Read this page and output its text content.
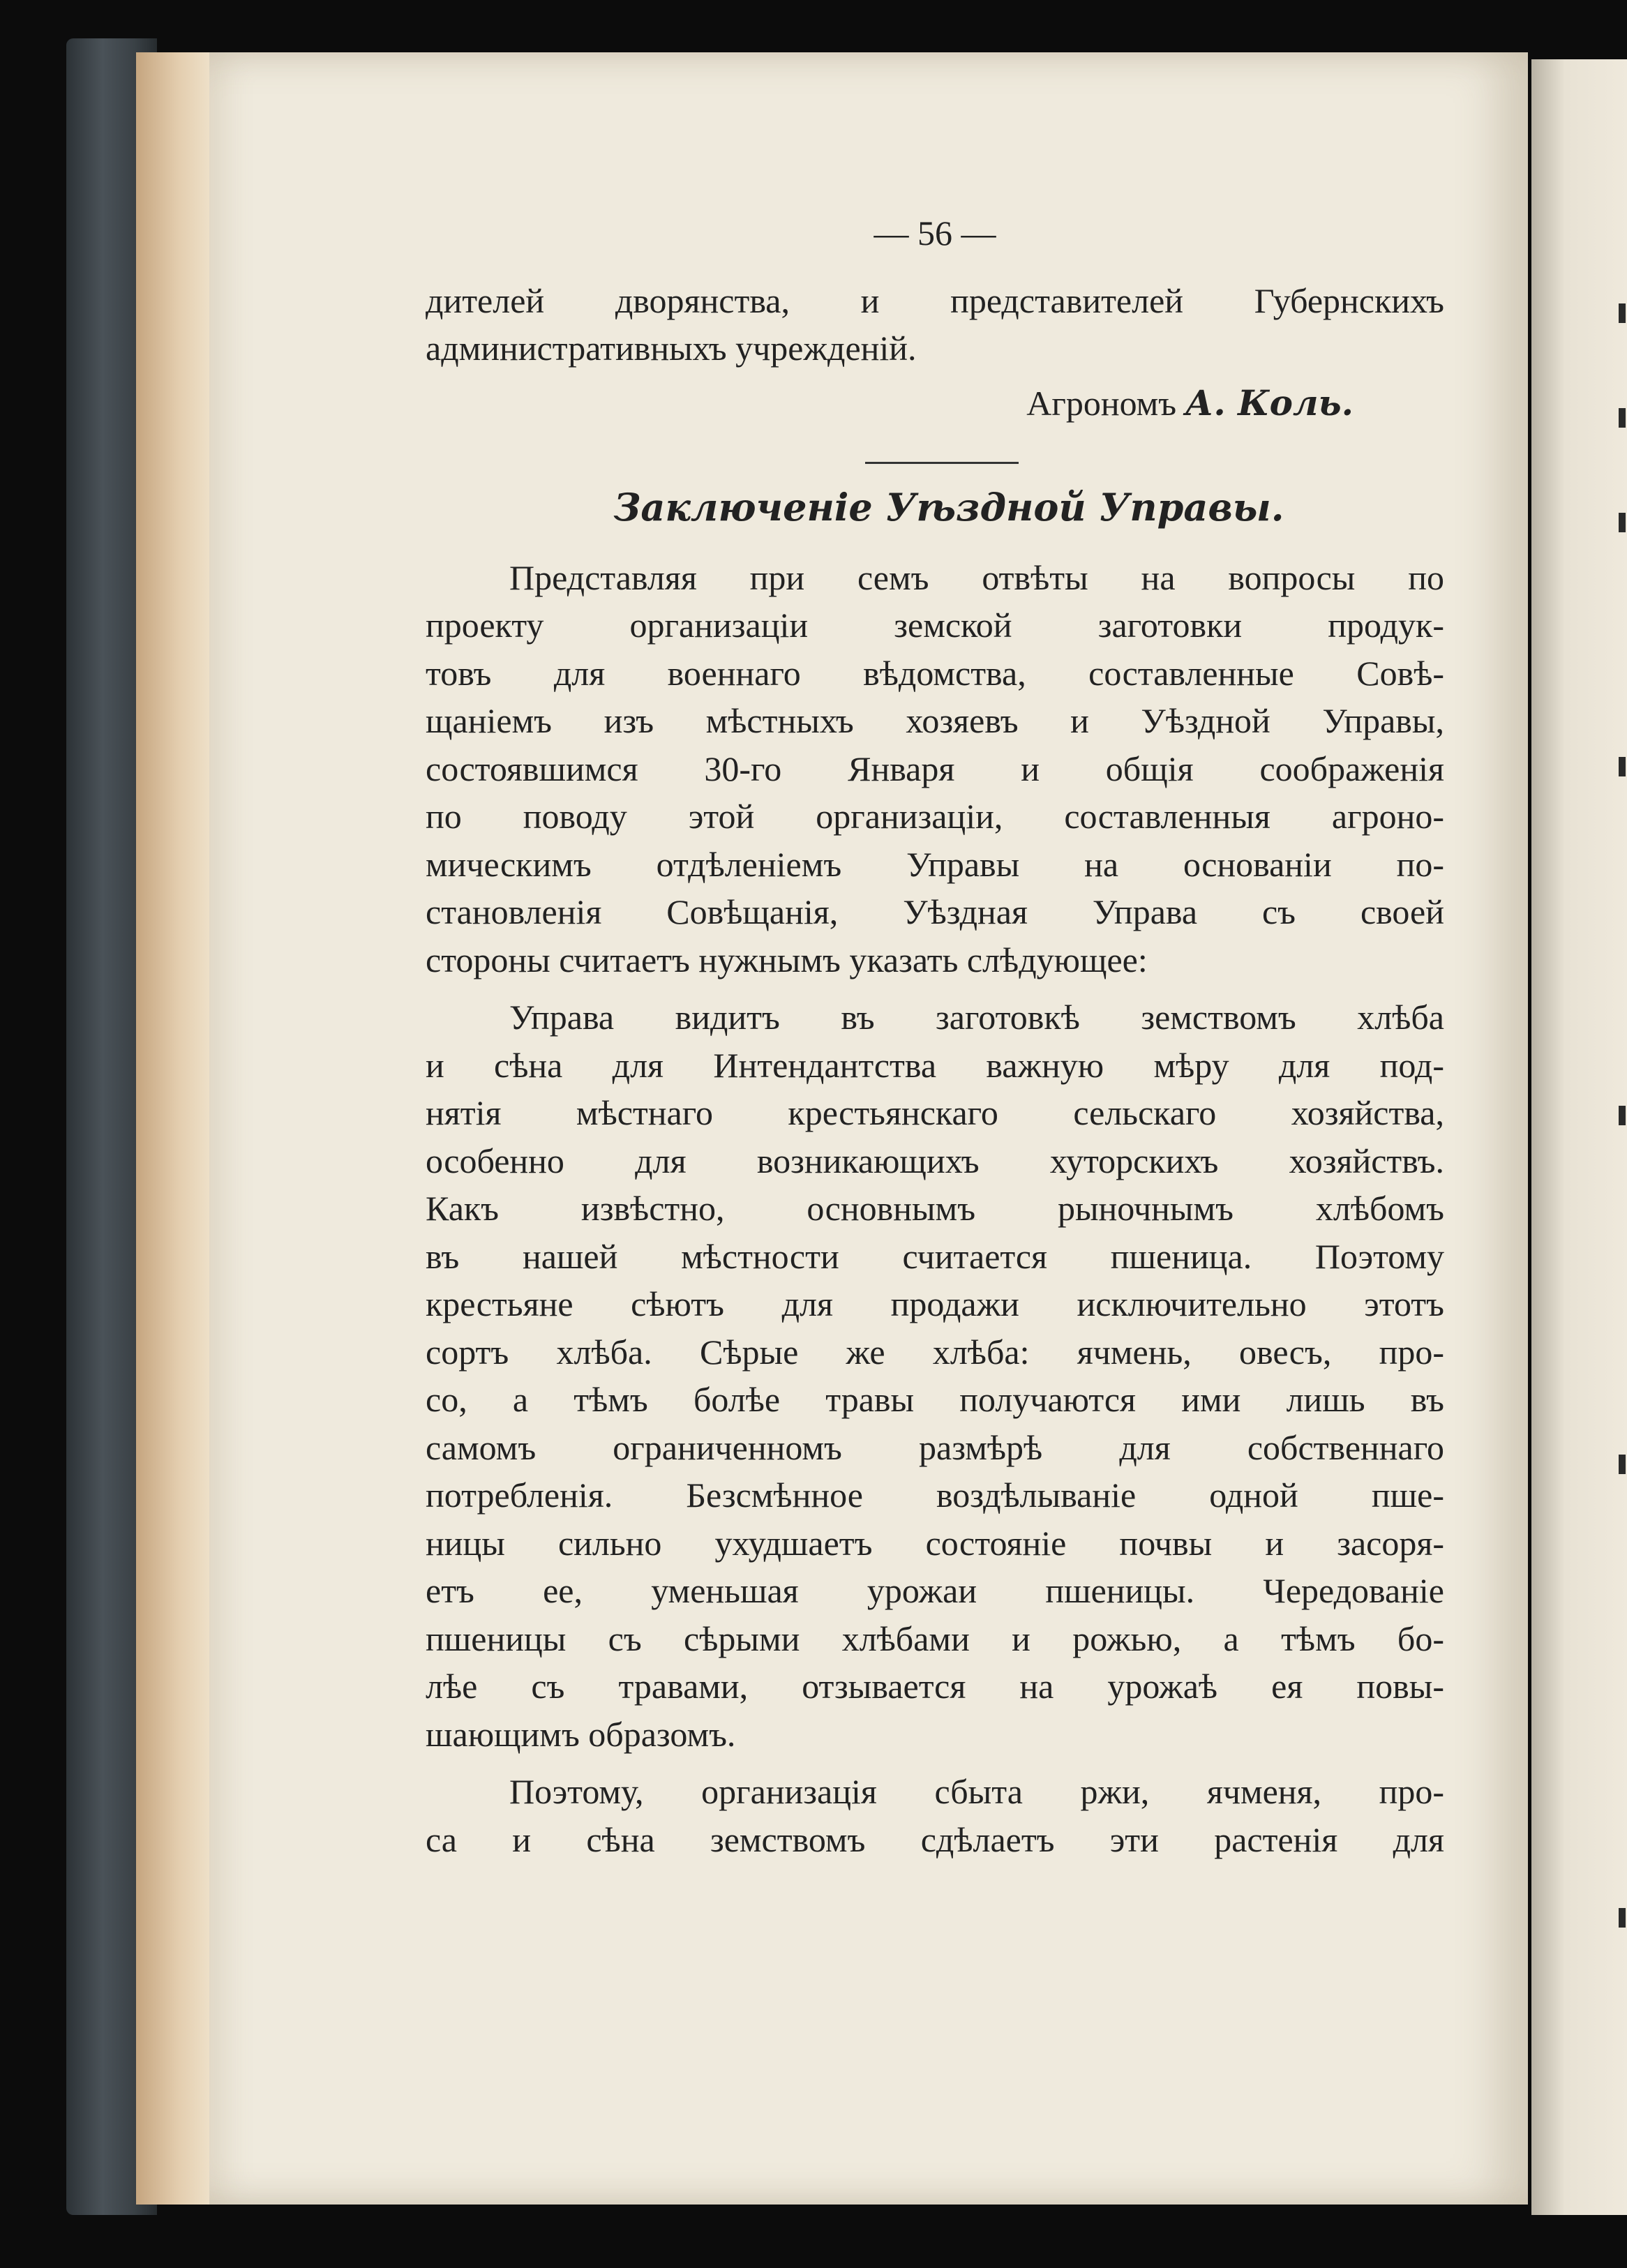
— 56 —
дителей дворянства, и представителей Губернскихъ
административныхъ учрежденій.
Агрономъ А. Коль.
Заключеніе Уѣздной Управы.
Представляя при семъ отвѣты на вопросы по
проекту организаціи земской заготовки продук-
товъ для военнаго вѣдомства, составленные Совѣ-
щаніемъ изъ мѣстныхъ хозяевъ и Уѣздной Управы,
состоявшимся 30-го Января и общія соображенія
по поводу этой организаціи, составленныя агроно-
мическимъ отдѣленіемъ Управы на основаніи по-
становленія Совѣщанія, Уѣздная Управа съ своей
стороны считаетъ нужнымъ указать слѣдующее:
Управа видитъ въ заготовкѣ земствомъ хлѣба
и сѣна для Интендантства важную мѣру для под-
нятія мѣстнаго крестьянскаго сельскаго хозяйства,
особенно для возникающихъ хуторскихъ хозяйствъ.
Какъ извѣстно, основнымъ рыночнымъ хлѣбомъ
въ нашей мѣстности считается пшеница. Поэтому
крестьяне сѣютъ для продажи исключительно этотъ
сортъ хлѣба. Сѣрые же хлѣба: ячмень, овесъ, про-
со, а тѣмъ болѣе травы получаются ими лишь въ
самомъ ограниченномъ размѣрѣ для собственнаго
потребленія. Безсмѣнное воздѣлываніе одной пше-
ницы сильно ухудшаетъ состояніе почвы и засоря-
етъ ее, уменьшая урожаи пшеницы. Чередованіе
пшеницы съ сѣрыми хлѣбами и рожью, а тѣмъ бо-
лѣе съ травами, отзывается на урожаѣ ея повы-
шающимъ образомъ.
Поэтому, организація сбыта ржи, ячменя, про-
са и сѣна земствомъ сдѣлаетъ эти растенія для
